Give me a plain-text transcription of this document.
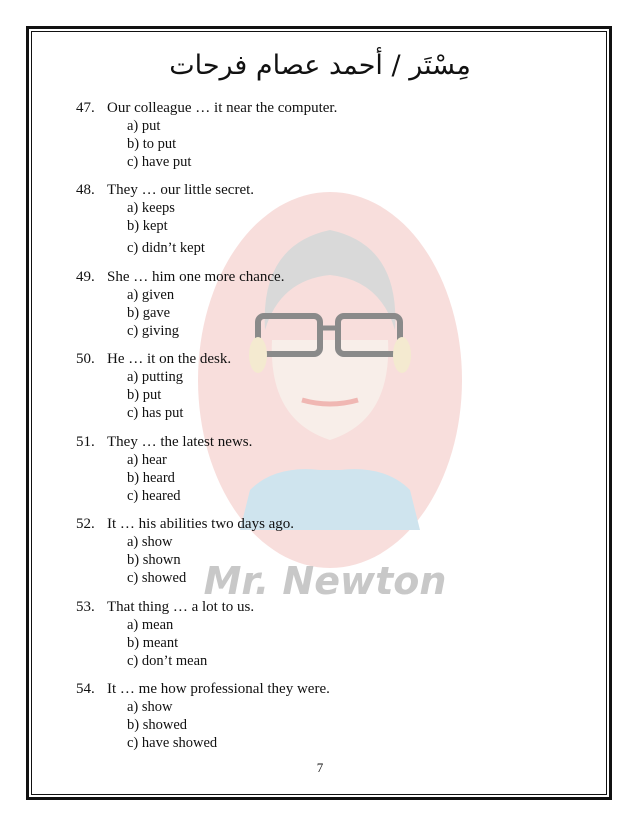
Mr. Newton
مِسْتَر / أحمد عصام فرحات
47. Our colleague … it near the computer.
a) put
b) to put
c) have put
48. They … our little secret.
a) keeps
b) kept
c) didn’t kept
49. She … him one more chance.
a) given
b) gave
c) giving
50. He … it on the desk.
a) putting
b) put
c) has put
51. They … the latest news.
a) hear
b) heard
c) heared
52. It … his abilities two days ago.
a) show
b) shown
c) showed
53. That thing … a lot to us.
a) mean
b) meant
c) don’t mean
54. It … me how professional they were.
a) show
b) showed
c) have showed
7
